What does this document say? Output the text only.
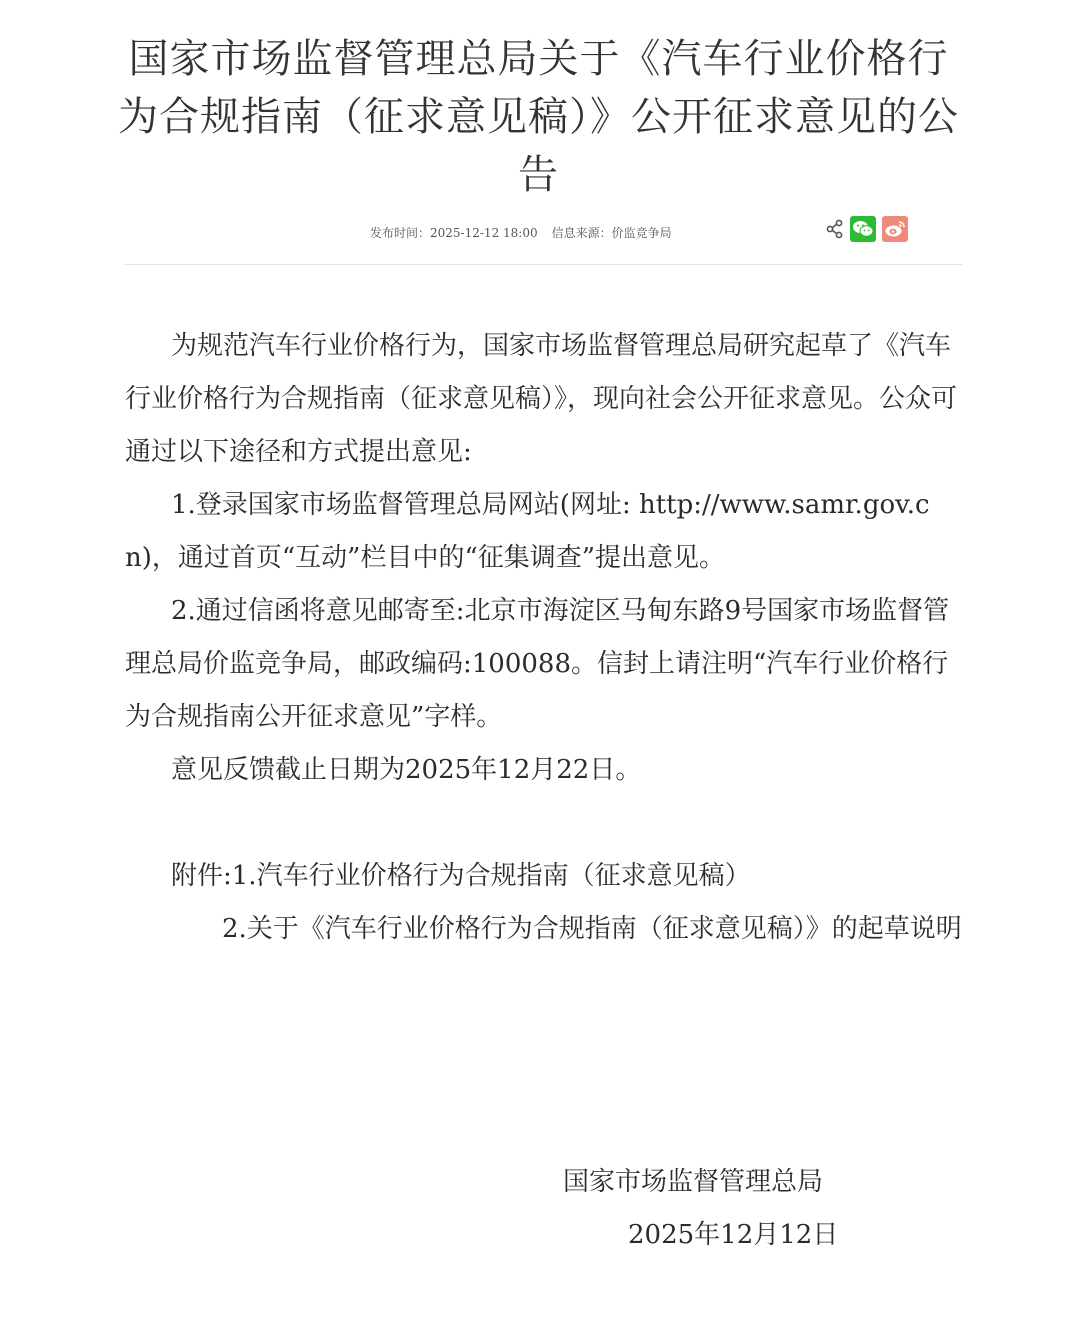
国家市场监督管理总局关于《汽车行业价格行为合规指南（征求意见稿）》公开征求意见的公告
发布时间：2025-12-12 18:00 信息来源：价监竞争局

为规范汽车行业价格行为，国家市场监督管理总局研究起草了《汽车行业价格行为合规指南（征求意见稿）》，现向社会公开征求意见。公众可通过以下途径和方式提出意见:

1.登录国家市场监督管理总局网站(网址: http://www.samr.gov.cn)，通过首页“互动”栏目中的“征集调查”提出意见。

2.通过信函将意见邮寄至:北京市海淀区马甸东路9号国家市场监督管理总局价监竞争局，邮政编码:100088。信封上请注明“汽车行业价格行为合规指南公开征求意见”字样。

意见反馈截止日期为2025年12月22日。

附件:1.汽车行业价格行为合规指南（征求意见稿）

2.关于《汽车行业价格行为合规指南（征求意见稿）》的起草说明

国家市场监督管理总局
2025年12月12日
